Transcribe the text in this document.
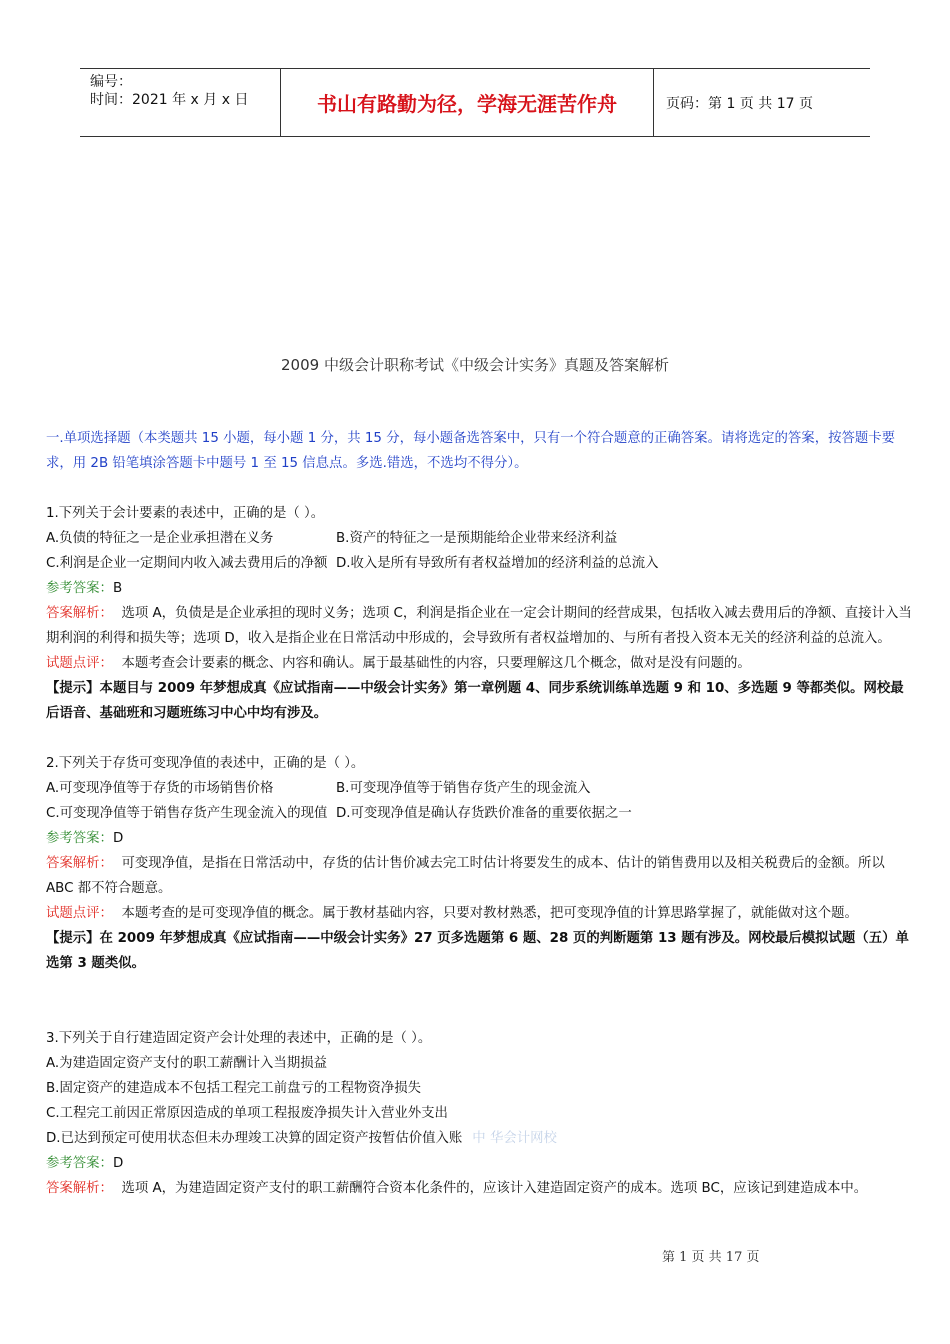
编号：
时间：2021 年 x 月 x 日	书山有路勤为径，学海无涯苦作舟	页码：第 1 页 共 17 页
2009 中级会计职称考试《中级会计实务》真题及答案解析

一.单项选择题（本类题共 15 小题，每小题 1 分，共 15 分，每小题备选答案中，只有一个符合题意的正确答案。请将选定的答案，按答题卡要求，用 2B 铅笔填涂答题卡中题号 1 至 15 信息点。多选.错选，不选均不得分）。

1.下列关于会计要素的表述中，正确的是（ ）。

A.负债的特征之一是企业承担潜在义务	B.资产的特征之一是预期能给企业带来经济利益

C.利润是企业一定期间内收入减去费用后的净额 D.收入是所有导致所有者权益增加的经济利益的总流入

参考答案：B

答案解析： 选项 A，负债是是企业承担的现时义务；选项 C，利润是指企业在一定会计期间的经营成果，包括收入减去费用后的净额、直接计入当期利润的利得和损失等；选项 D，收入是指企业在日常活动中形成的，会导致所有者权益增加的、与所有者投入资本无关的经济利益的总流入。

试题点评： 本题考查会计要素的概念、内容和确认。属于最基础性的内容，只要理解这几个概念，做对是没有问题的。

【提示】本题目与 2009 年梦想成真《应试指南——中级会计实务》第一章例题 4、同步系统训练单选题 9 和 10、多选题 9 等都类似。网校最后语音、基础班和习题班练习中心中均有涉及。

2.下列关于存货可变现净值的表述中，正确的是（ ）。

A.可变现净值等于存货的市场销售价格	B.可变现净值等于销售存货产生的现金流入

C.可变现净值等于销售存货产生现金流入的现值 D.可变现净值是确认存货跌价准备的重要依据之一

参考答案：D

答案解析： 可变现净值，是指在日常活动中，存货的估计售价减去完工时估计将要发生的成本、估计的销售费用以及相关税费后的金额。所以 ABC 都不符合题意。

试题点评： 本题考查的是可变现净值的概念。属于教材基础内容，只要对教材熟悉，把可变现净值的计算思路掌握了，就能做对这个题。

【提示】在 2009 年梦想成真《应试指南——中级会计实务》27 页多选题第 6 题、28 页的判断题第 13 题有涉及。网校最后模拟试题（五）单选第 3 题类似。

3.下列关于自行建造固定资产会计处理的表述中，正确的是（ ）。

A.为建造固定资产支付的职工薪酬计入当期损益

B.固定资产的建造成本不包括工程完工前盘亏的工程物资净损失

C.工程完工前因正常原因造成的单项工程报废净损失计入营业外支出

D.已达到预定可使用状态但未办理竣工决算的固定资产按暂估价值入账 中 华会计网校

参考答案：D

答案解析： 选项 A，为建造固定资产支付的职工薪酬符合资本化条件的，应该计入建造固定资产的成本。选项 BC，应该记到建造成本中。

第 1 页 共 17 页
